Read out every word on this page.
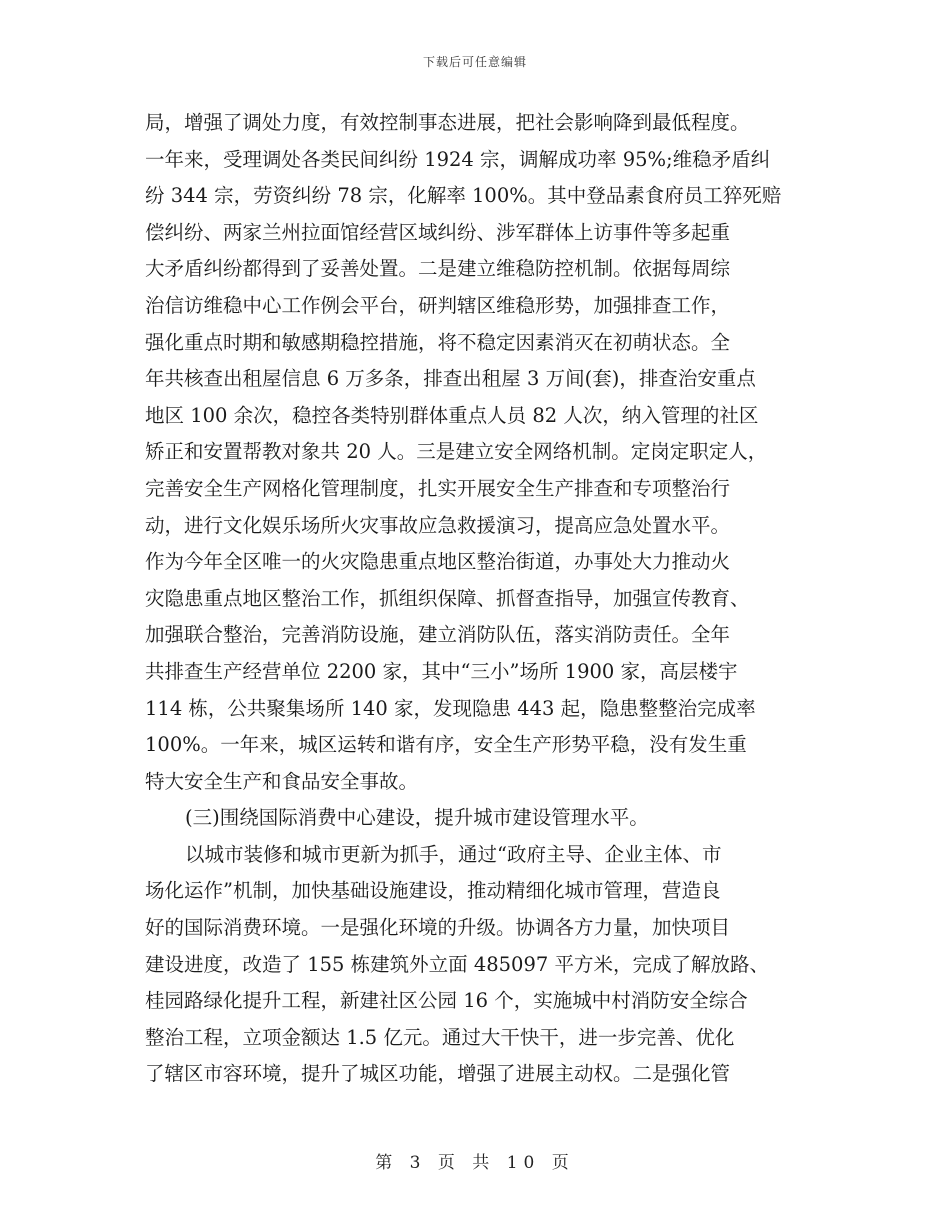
下载后可任意编辑
局，增强了调处力度，有效控制事态进展，把社会影响降到最低程度。
一年来，受理调处各类民间纠纷 1924 宗，调解成功率 95%;维稳矛盾纠
纷 344 宗，劳资纠纷 78 宗，化解率 100%。其中登品素食府员工猝死赔
偿纠纷、两家兰州拉面馆经营区域纠纷、涉军群体上访事件等多起重
大矛盾纠纷都得到了妥善处置。二是建立维稳防控机制。依据每周综
治信访维稳中心工作例会平台，研判辖区维稳形势，加强排查工作，
强化重点时期和敏感期稳控措施，将不稳定因素消灭在初萌状态。全
年共核查出租屋信息 6 万多条，排查出租屋 3 万间(套)，排查治安重点
地区 100 余次，稳控各类特别群体重点人员 82 人次，纳入管理的社区
矫正和安置帮教对象共 20 人。三是建立安全网络机制。定岗定职定人，
完善安全生产网格化管理制度，扎实开展安全生产排查和专项整治行
动，进行文化娱乐场所火灾事故应急救援演习，提高应急处置水平。
作为今年全区唯一的火灾隐患重点地区整治街道，办事处大力推动火
灾隐患重点地区整治工作，抓组织保障、抓督查指导，加强宣传教育、
加强联合整治，完善消防设施，建立消防队伍，落实消防责任。全年
共排查生产经营单位 2200 家，其中“三小”场所 1900 家，高层楼宇
114 栋，公共聚集场所 140 家，发现隐患 443 起，隐患整整治完成率
100%。一年来，城区运转和谐有序，安全生产形势平稳，没有发生重
特大安全生产和食品安全事故。
(三)围绕国际消费中心建设，提升城市建设管理水平。
以城市装修和城市更新为抓手，通过“政府主导、企业主体、市
场化运作”机制，加快基础设施建设，推动精细化城市管理，营造良
好的国际消费环境。一是强化环境的升级。协调各方力量，加快项目
建设进度，改造了 155 栋建筑外立面 485097 平方米，完成了解放路、
桂园路绿化提升工程，新建社区公园 16 个，实施城中村消防安全综合
整治工程，立项金额达 1.5 亿元。通过大干快干，进一步完善、优化
了辖区市容环境，提升了城区功能，增强了进展主动权。二是强化管
第 3 页 共 10 页
